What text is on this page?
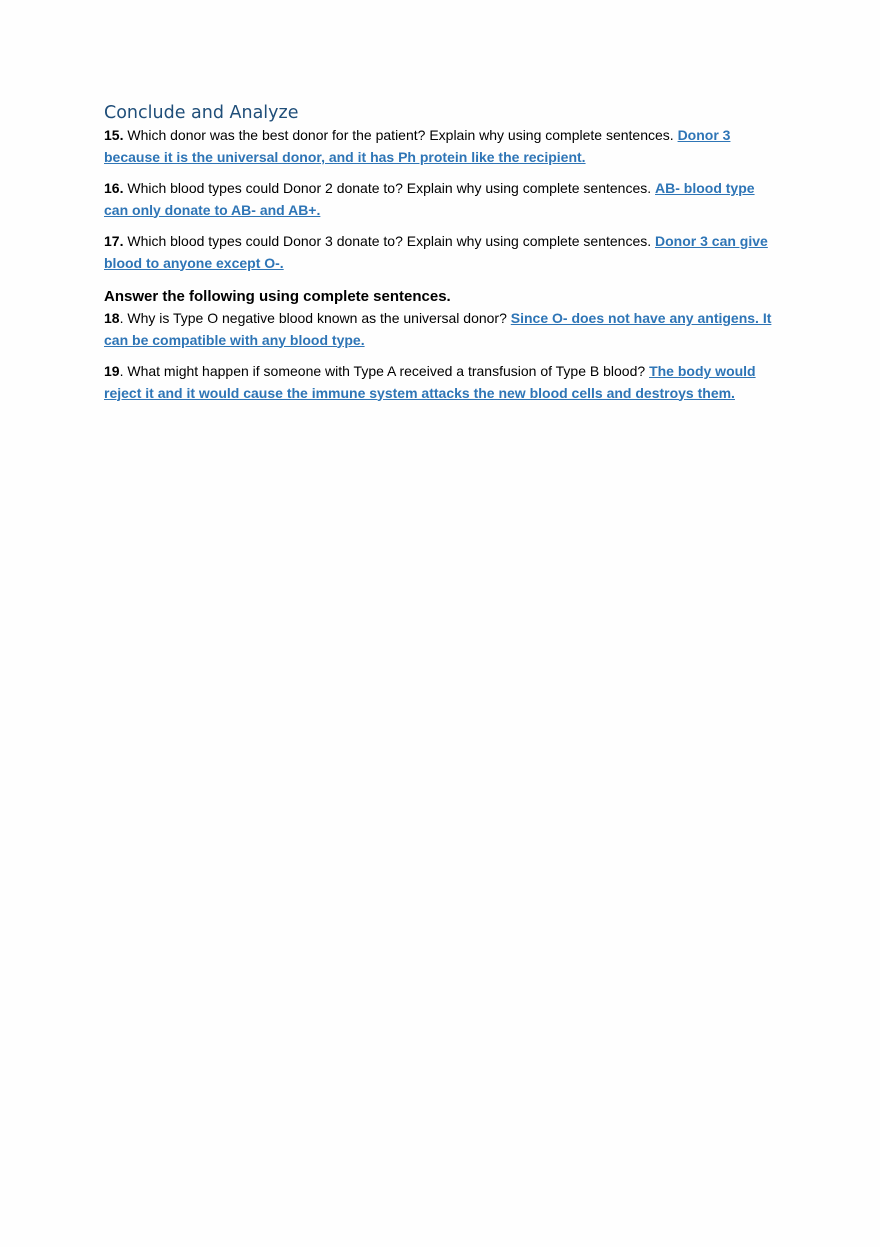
Conclude and Analyze

15. Which donor was the best donor for the patient? Explain why using complete sentences. Donor 3 because it is the universal donor, and it has Ph protein like the recipient.

16. Which blood types could Donor 2 donate to? Explain why using complete sentences. AB- blood type can only donate to AB- and AB+.

17. Which blood types could Donor 3 donate to? Explain why using complete sentences. Donor 3 can give blood to anyone except O-.

Answer the following using complete sentences.

18. Why is Type O negative blood known as the universal donor? Since O- does not have any antigens. It can be compatible with any blood type.

19. What might happen if someone with Type A received a transfusion of Type B blood? The body would reject it and it would cause the immune system attacks the new blood cells and destroys them.
